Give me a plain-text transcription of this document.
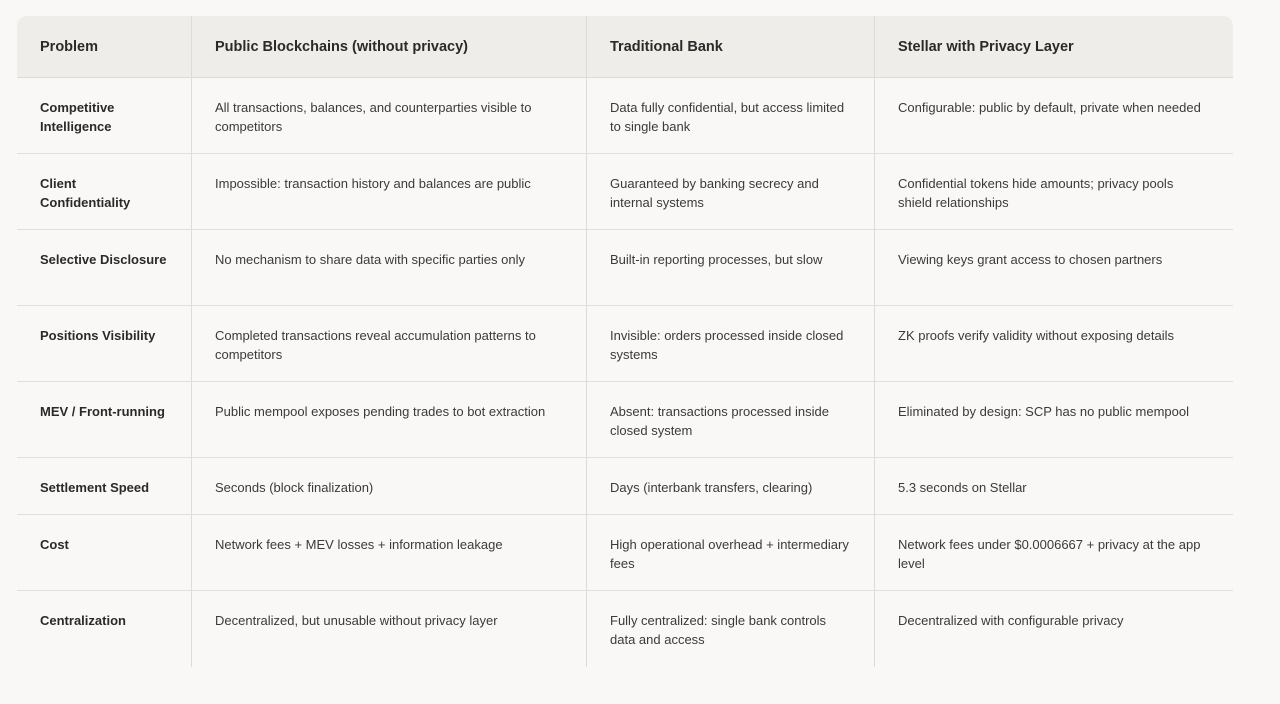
Problem	Public Blockchains (without privacy)	Traditional Bank	Stellar with Privacy Layer
Competitive Intelligence	All transactions, balances, and counterparties visible to competitors	Data fully confidential, but access limited to single bank	Configurable: public by default, private when needed
Client Confidentiality	Impossible: transaction history and balances are public	Guaranteed by banking secrecy and internal systems	Confidential tokens hide amounts; privacy pools shield relationships
Selective Disclosure	No mechanism to share data with specific parties only	Built-in reporting processes, but slow	Viewing keys grant access to chosen partners
Positions Visibility	Completed transactions reveal accumulation patterns to competitors	Invisible: orders processed inside closed systems	ZK proofs verify validity without exposing details
MEV / Front-running	Public mempool exposes pending trades to bot extraction	Absent: transactions processed inside closed system	Eliminated by design: SCP has no public mempool
Settlement Speed	Seconds (block finalization)	Days (interbank transfers, clearing)	5.3 seconds on Stellar
Cost	Network fees + MEV losses + information leakage	High operational overhead + intermediary fees	Network fees under $0.0006667 + privacy at the app level
Centralization	Decentralized, but unusable without privacy layer	Fully centralized: single bank controls data and access	Decentralized with configurable privacy
